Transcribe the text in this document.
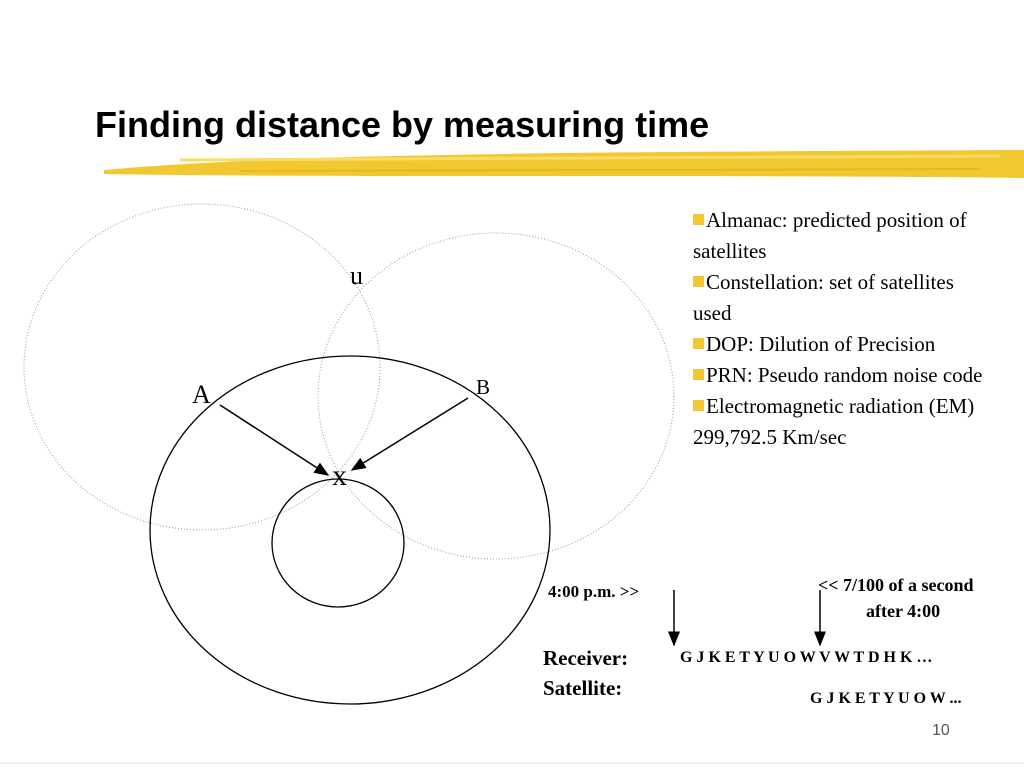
Finding distance by measuring time
u
A	B
x
Almanac: predicted position of satellites
Constellation: set of satellites used
DOP: Dilution of Precision
PRN: Pseudo random noise code
Electromagnetic radiation (EM) 299,792.5 Km/sec
4:00 p.m. >>	<< 7/100 of a second
after 4:00
Receiver:
Satellite:
G J K E T Y U O W V W T D H K …
G J K E T Y U O W ...
10
